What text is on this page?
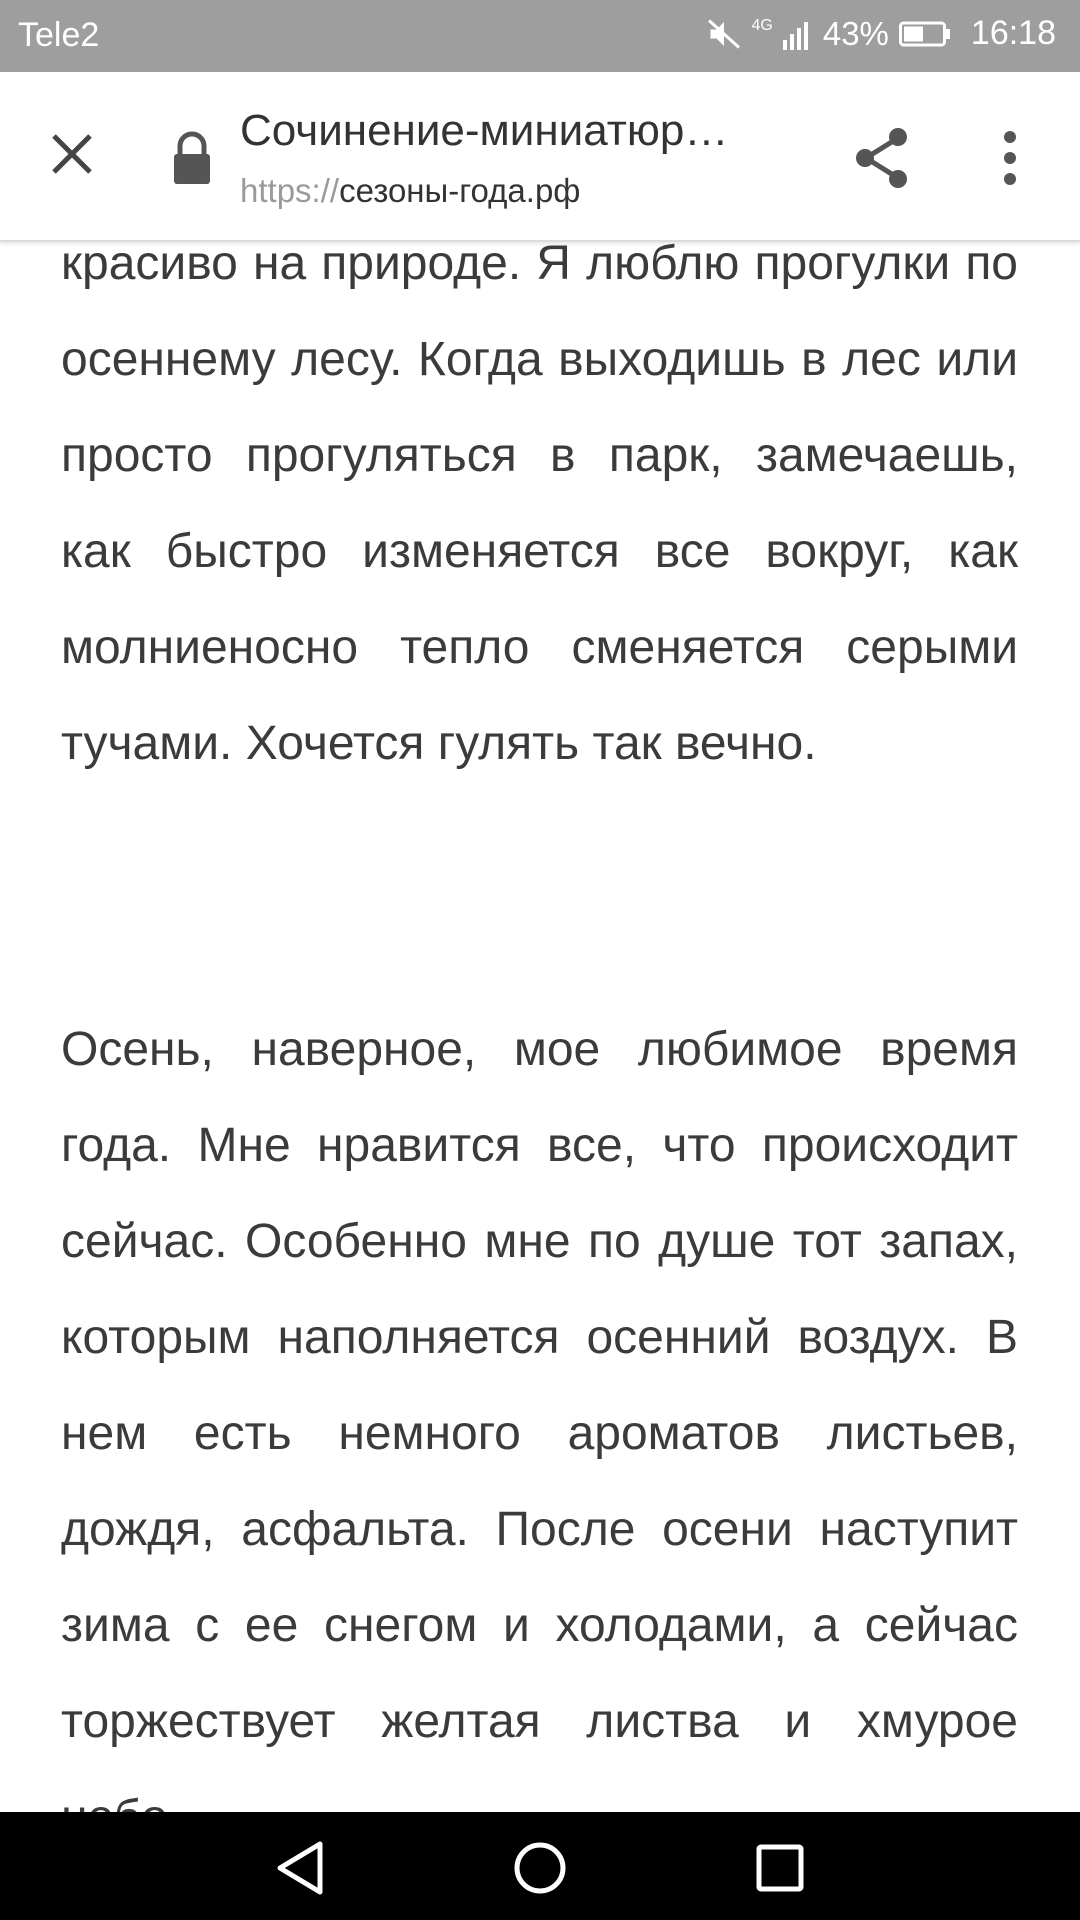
Tele2	4G 43% 16:18
Сочинение-миниатюр…
https://сезоны-года.рф

красиво на природе. Я люблю прогулки по осеннему лесу. Когда выходишь в лес или просто прогуляться в парк, замечаешь, как быстро изменяется все вокруг, как молниеносно тепло сменяется серыми тучами. Хочется гулять так вечно.

Осень, наверное, мое любимое время года. Мне нравится все, что происходит сейчас. Особенно мне по душе тот запах, которым наполняется осенний воздух. В нем есть немного ароматов листьев, дождя, асфальта. После осени наступит зима с ее снегом и холодами, а сейчас торжествует желтая листва и хмурое
